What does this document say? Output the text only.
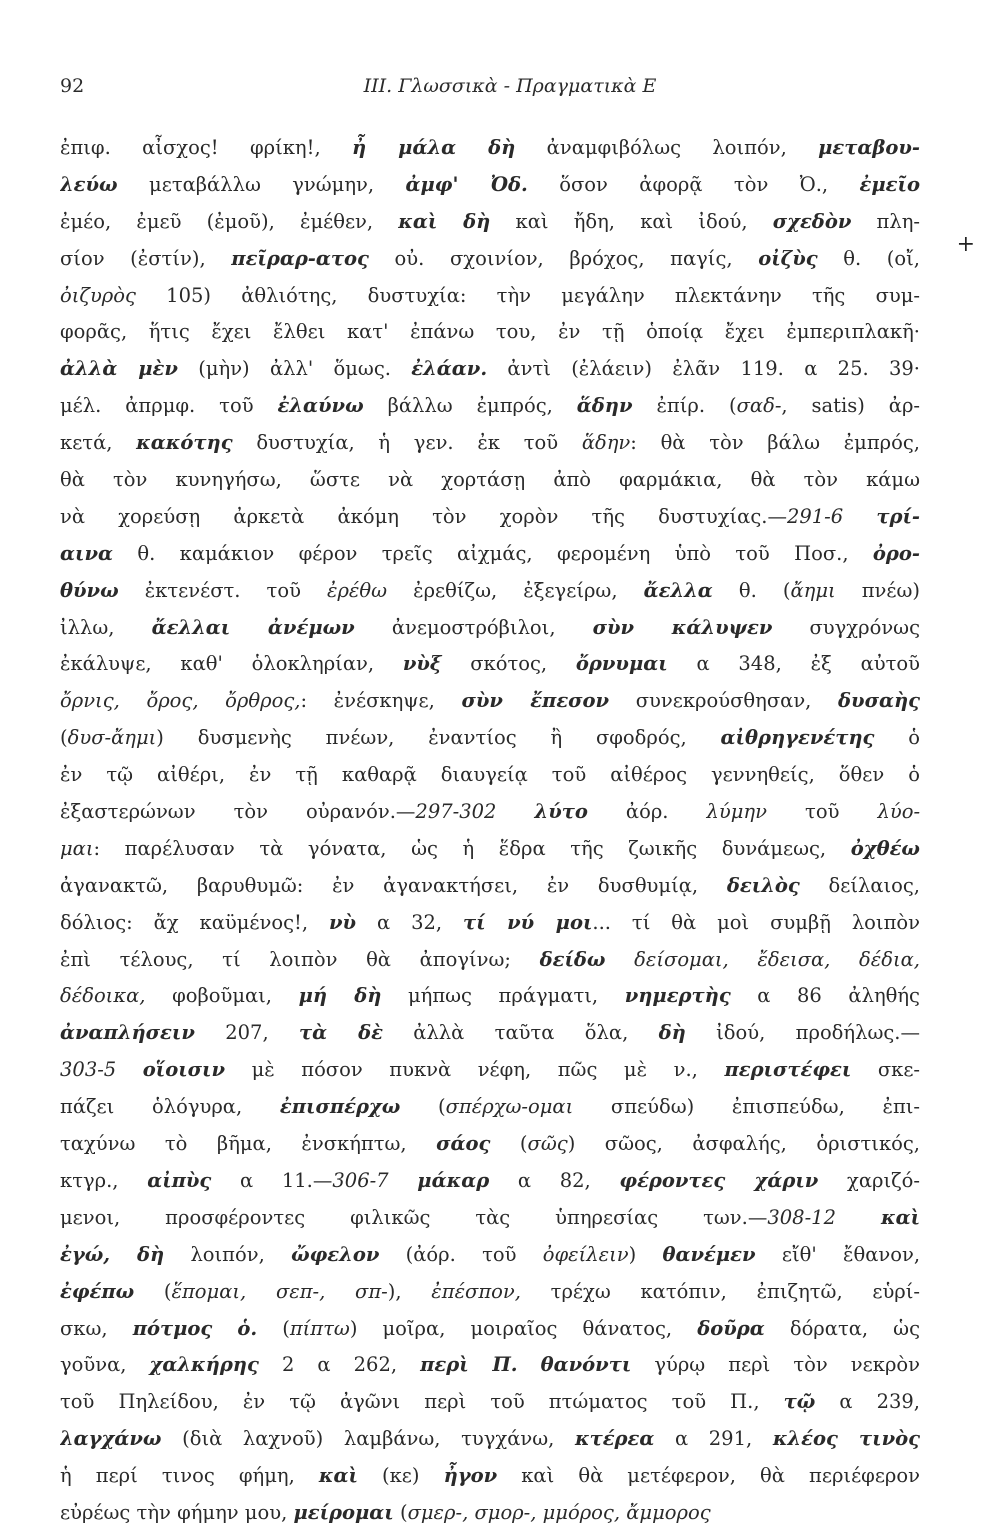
92	III. Γλωσσικὰ - Πραγματικὰ Ε
+
ἐπιφ. αἶσχος! φρίκη!, ἦ μάλα δὴ ἀναμφιβόλως λοιπόν, μεταβου-
λεύω μεταβάλλω γνώμην, ἀμφ' Ὀδ. ὅσον ἀφορᾷ τὸν Ὀ., ἐμεῖο
ἐμέο, ἐμεῦ (ἐμοῦ), ἐμέθεν, καὶ δὴ καὶ ἤδη, καὶ ἰδού, σχεδὸν πλη-
σίον (ἐστίν), πεῖραρ-ατος οὐ. σχοινίον, βρόχος, παγίς, οἰζὺς θ. (οἴ,
ὀιζυρὸς 105) ἀθλιότης, δυστυχία: τὴν μεγάλην πλεκτάνην τῆς συμ-
φορᾶς, ἥτις ἔχει ἔλθει κατ' ἐπάνω του, ἐν τῇ ὁποίᾳ ἔχει ἐμπεριπλακῆ·
ἀλλὰ μὲν (μὴν) ἀλλ' ὅμως. ἐλάαν. ἀντὶ (ἐλάειν) ἐλᾶν 119. α 25. 39·
μέλ. ἀπρμφ. τοῦ ἐλαύνω βάλλω ἐμπρός, ἅδην ἐπίρ. (σαδ-, satis) ἀρ-
κετά, κακότης δυστυχία, ἡ γεν. ἐκ τοῦ ἅδην: θὰ τὸν βάλω ἐμπρός,
θὰ τὸν κυνηγήσω, ὥστε νὰ χορτάσῃ ἀπὸ φαρμάκια, θὰ τὸν κάμω
νὰ χορεύσῃ ἀρκετὰ ἀκόμη τὸν χορὸν τῆς δυστυχίας.—291-6 τρί-
αινα θ. καμάκιον φέρον τρεῖς αἰχμάς, φερομένη ὑπὸ τοῦ Ποσ., ὀρο-
θύνω ἐκτενέστ. τοῦ ἐρέθω ἐρεθίζω, ἐξεγείρω, ἄελλα θ. (ἄημι πνέω)
ἰλλω, ἄελλαι ἀνέμων ἀνεμοστρόβιλοι, σὺν κάλυψεν συγχρόνως
ἐκάλυψε, καθ' ὁλοκληρίαν, νὺξ σκότος, ὄρνυμαι α 348, ἐξ αὐτοῦ
ὄρνις, ὄρος, ὄρθρος,: ἐνέσκηψε, σὺν ἔπεσον συνεκρούσθησαν, δυσαὴς
(δυσ-ἄημι) δυσμενὴς πνέων, ἐναντίος ἢ σφοδρός, αἰθρηγενέτης ὁ
ἐν τῷ αἰθέρι, ἐν τῇ καθαρᾷ διαυγείᾳ τοῦ αἰθέρος γεννηθείς, ὅθεν ὁ
ἐξαστερώνων τὸν οὐρανόν.—297-302 λύτο ἀόρ. λύμην τοῦ λύο-
μαι: παρέλυσαν τὰ γόνατα, ὡς ἡ ἕδρα τῆς ζωικῆς δυνάμεως, ὀχθέω
ἀγανακτῶ, βαρυθυμῶ: ἐν ἀγανακτήσει, ἐν δυσθυμίᾳ, δειλὸς δείλαιος,
δόλιος: ἄχ καϋμένος!, νὺ α 32, τί νύ μοι... τί θὰ μοὶ συμβῇ λοιπὸν
ἐπὶ τέλους, τί λοιπὸν θὰ ἀπογίνω; δείδω δείσομαι, ἔδεισα, δέδια,
δέδοικα, φοβοῦμαι, μή δὴ μήπως πράγματι, νημερτὴς α 86 ἀληθής
ἀναπλήσειν 207, τὰ δὲ ἀλλὰ ταῦτα ὅλα, δὴ ἰδού, προδήλως.—
303-5 οἵοισιν μὲ πόσον πυκνὰ νέφη, πῶς μὲ ν., περιστέφει σκε-
πάζει ὁλόγυρα, ἐπισπέρχω (σπέρχω-ομαι σπεύδω) ἐπισπεύδω, ἐπι-
ταχύνω τὸ βῆμα, ἐνσκήπτω, σάος (σῶς) σῶος, ἀσφαλής, ὁριστικός,
κτγρ., αἰπὺς α 11.—306-7 μάκαρ α 82, φέροντες χάριν χαριζό-
μενοι, προσφέροντες φιλικῶς τὰς ὑπηρεσίας των.—308-12 καὶ
ἐγώ, δὴ λοιπόν, ὤφελον (ἀόρ. τοῦ ὀφείλειν) θανέμεν εἴθ' ἔθανον,
ἐφέπω (ἕπομαι, σεπ-, σπ-), ἐπέσπον, τρέχω κατόπιν, ἐπιζητῶ, εὑρί-
σκω, πότμος ὁ. (πίπτω) μοῖρα, μοιραῖος θάνατος, δοῦρα δόρατα, ὡς
γοῦνα, χαλκήρης 2 α 262, περὶ Π. θανόντι γύρῳ περὶ τὸν νεκρὸν
τοῦ Πηλείδου, ἐν τῷ ἀγῶνι περὶ τοῦ πτώματος τοῦ Π., τῷ α 239,
λαγχάνω (διὰ λαχνοῦ) λαμβάνω, τυγχάνω, κτέρεα α 291, κλέος τινὸς
ἡ περί τινος φήμη, καὶ (κε) ἦγον καὶ θὰ μετέφερον, θὰ περιέφερον
εὐρέως τὴν φήμην μου, μείρομαι (σμερ-, σμορ-, μμόρος, ἄμμορος
